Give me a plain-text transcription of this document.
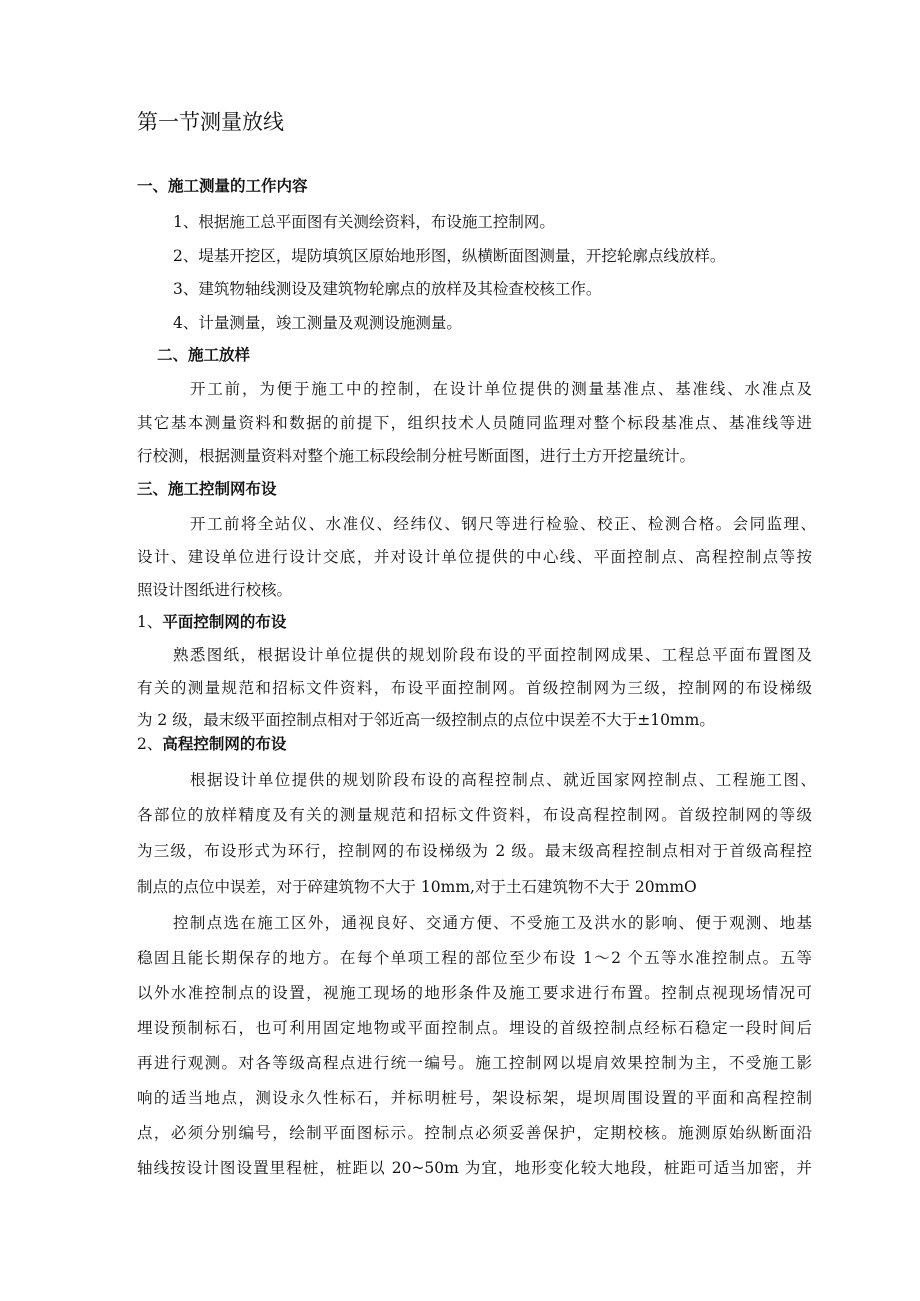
第一节测量放线
一、施工测量的工作内容
1、根据施工总平面图有关测绘资料，布设施工控制网。
2、堤基开挖区，堤防填筑区原始地形图，纵横断面图测量，开挖轮廓点线放样。
3、建筑物轴线测设及建筑物轮廓点的放样及其检查校核工作。
4、计量测量，竣工测量及观测设施测量。
二、施工放样
开工前，为便于施工中的控制，在设计单位提供的测量基准点、基准线、水准点及
其它基本测量资料和数据的前提下，组织技术人员随同监理对整个标段基准点、基准线等进
行校测，根据测量资料对整个施工标段绘制分桩号断面图，进行土方开挖量统计。
三、施工控制网布设
开工前将全站仪、水准仪、经纬仪、钢尺等进行检验、校正、检测合格。会同监理、
设计、建设单位进行设计交底，并对设计单位提供的中心线、平面控制点、高程控制点等按
照设计图纸进行校核。
1、平面控制网的布设
熟悉图纸，根据设计单位提供的规划阶段布设的平面控制网成果、工程总平面布置图及
有关的测量规范和招标文件资料，布设平面控制网。首级控制网为三级，控制网的布设梯级
为 2 级，最末级平面控制点相对于邻近高一级控制点的点位中误差不大于±10mm。
2、高程控制网的布设
根据设计单位提供的规划阶段布设的高程控制点、就近国家网控制点、工程施工图、
各部位的放样精度及有关的测量规范和招标文件资料，布设高程控制网。首级控制网的等级
为三级，布设形式为环行，控制网的布设梯级为 2 级。最末级高程控制点相对于首级高程控
制点的点位中误差，对于碎建筑物不大于 10mm,对于土石建筑物不大于 20mmO
控制点选在施工区外，通视良好、交通方便、不受施工及洪水的影响、便于观测、地基
稳固且能长期保存的地方。在每个单项工程的部位至少布设 1～2 个五等水准控制点。五等
以外水准控制点的设置，视施工现场的地形条件及施工要求进行布置。控制点视现场情况可
埋设预制标石，也可利用固定地物或平面控制点。埋设的首级控制点经标石稳定一段时间后
再进行观测。对各等级高程点进行统一编号。施工控制网以堤肩效果控制为主，不受施工影
响的适当地点，测设永久性标石，并标明桩号，架设标架，堤坝周围设置的平面和高程控制
点，必须分别编号，绘制平面图标示。控制点必须妥善保护，定期校核。施测原始纵断面沿
轴线按设计图设置里程桩，桩距以 20~50m 为宜，地形变化较大地段，桩距可适当加密，并
